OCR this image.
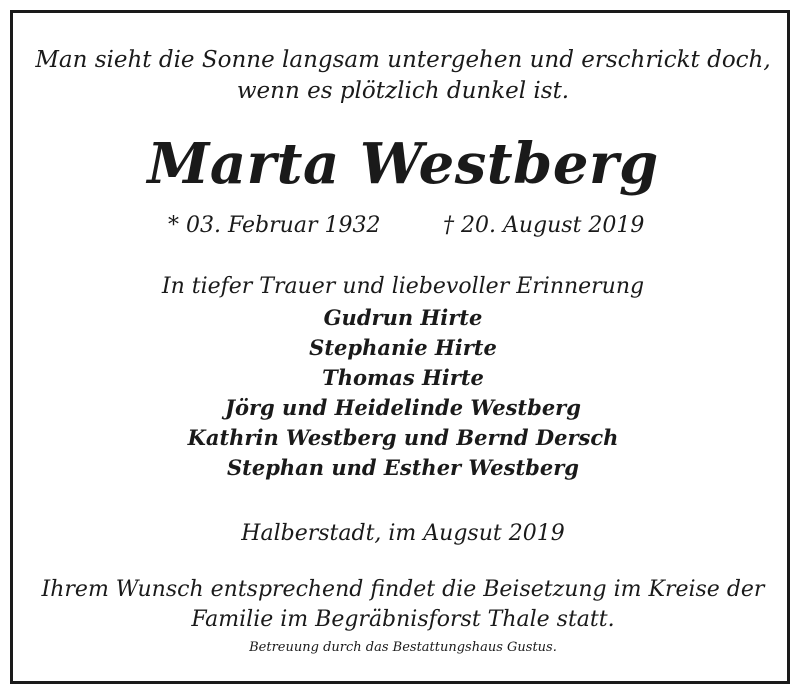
Man sieht die Sonne langsam untergehen und erschrickt doch,
wenn es plötzlich dunkel ist.
Marta Westberg
* 03. Februar 1932	† 20. August 2019
In tiefer Trauer und liebevoller Erinnerung
Gudrun Hirte
Stephanie Hirte
Thomas Hirte
Jörg und Heidelinde Westberg
Kathrin Westberg und Bernd Dersch
Stephan und Esther Westberg
Halberstadt, im Augsut 2019
Ihrem Wunsch entsprechend findet die Beisetzung im Kreise der
Familie im Begräbnisforst Thale statt.
Betreuung durch das Bestattungshaus Gustus.
